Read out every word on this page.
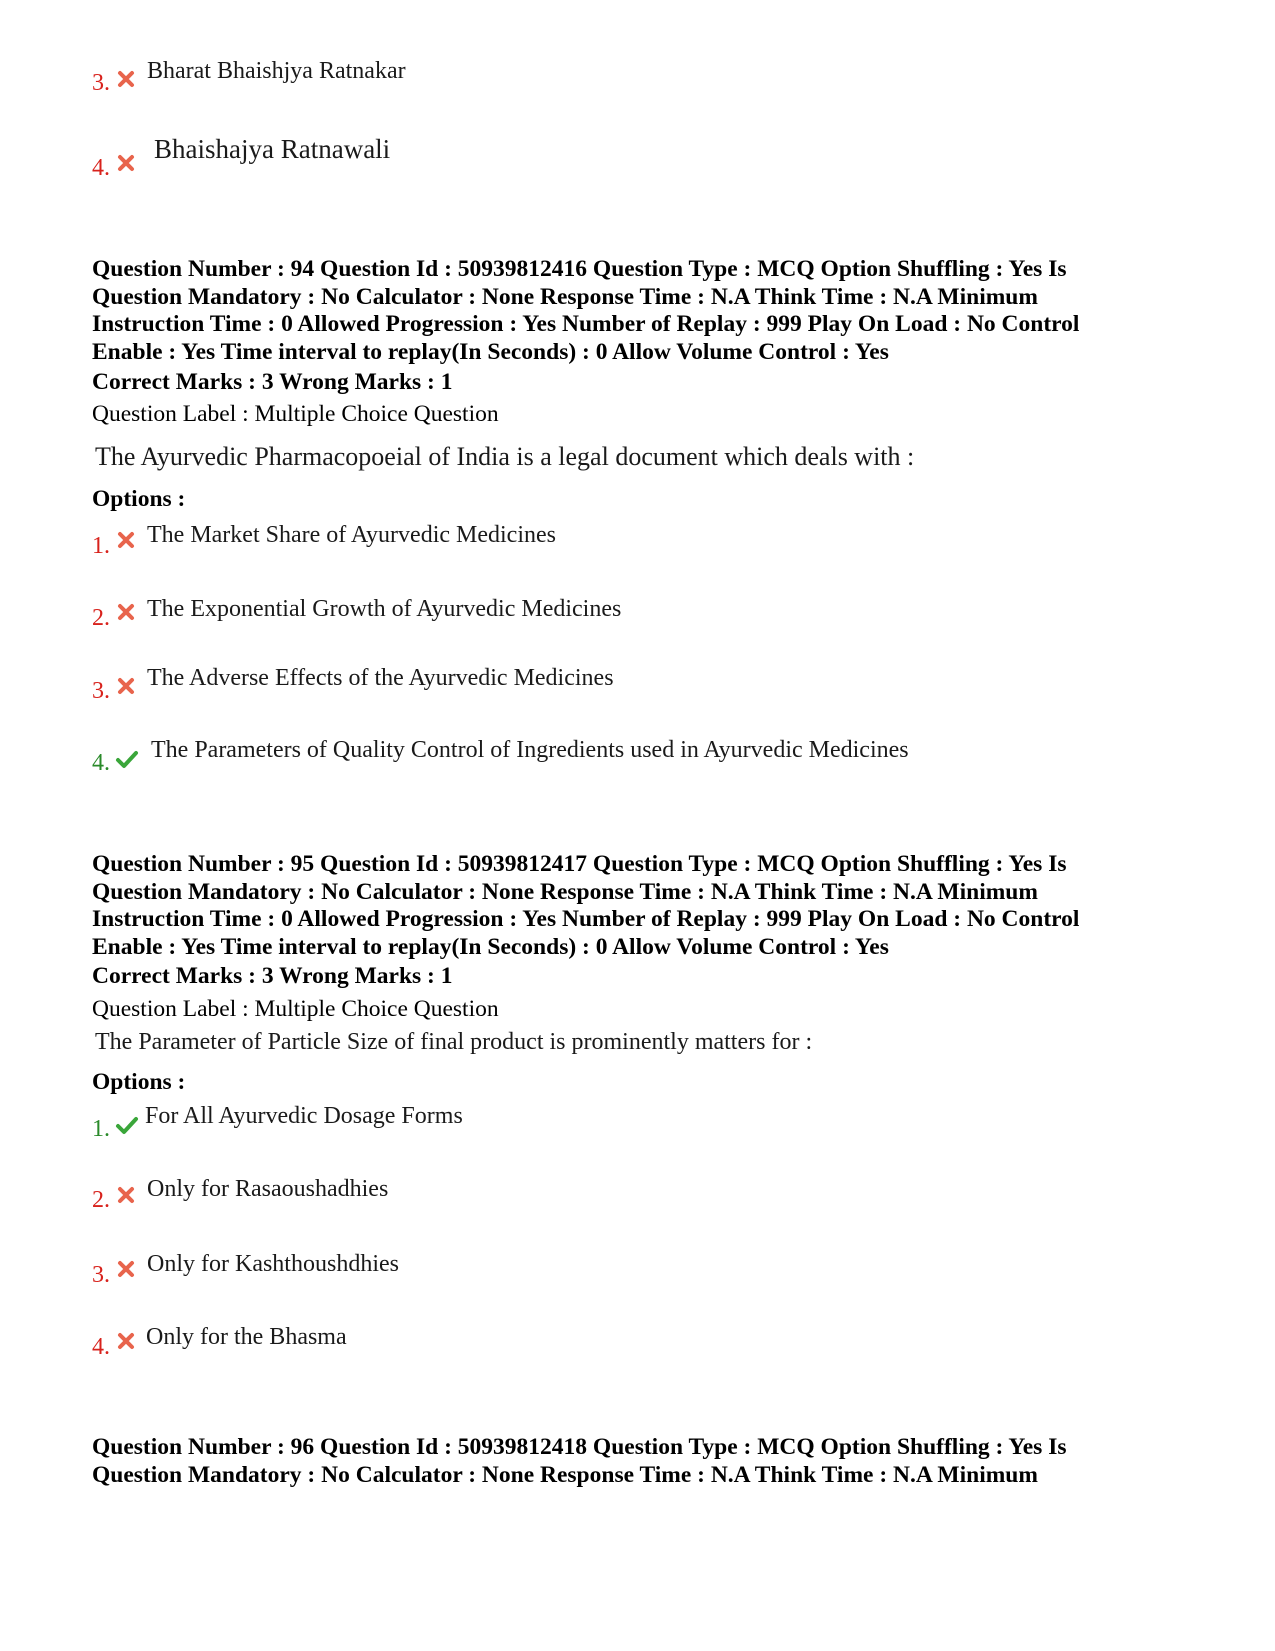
3. Bharat Bhaishjya Ratnakar
4.
Bhaishajya Ratnawali
Question Number : 94 Question Id : 50939812416 Question Type : MCQ Option Shuffling : Yes Is
Question Mandatory : No Calculator : None Response Time : N.A Think Time : N.A Minimum
Instruction Time : 0 Allowed Progression : Yes Number of Replay : 999 Play On Load : No Control
Enable : Yes Time interval to replay(In Seconds) : 0 Allow Volume Control : Yes
Correct Marks : 3 Wrong Marks : 1
Question Label : Multiple Choice Question
The Ayurvedic Pharmacopoeial of India is a legal document which deals with :
Options :
1. The Market Share of Ayurvedic Medicines
2. The Exponential Growth of Ayurvedic Medicines
3. The Adverse Effects of the Ayurvedic Medicines
4. The Parameters of Quality Control of Ingredients used in Ayurvedic Medicines
Question Number : 95 Question Id : 50939812417 Question Type : MCQ Option Shuffling : Yes Is
Question Mandatory : No Calculator : None Response Time : N.A Think Time : N.A Minimum
Instruction Time : 0 Allowed Progression : Yes Number of Replay : 999 Play On Load : No Control
Enable : Yes Time interval to replay(In Seconds) : 0 Allow Volume Control : Yes
Correct Marks : 3 Wrong Marks : 1
Question Label : Multiple Choice Question
The Parameter of Particle Size of final product is prominently matters for :
Options :
1. For All Ayurvedic Dosage Forms
2. Only for Rasaoushadhies
3. Only for Kashthoushdhies
4. Only for the Bhasma
Question Number : 96 Question Id : 50939812418 Question Type : MCQ Option Shuffling : Yes Is
Question Mandatory : No Calculator : None Response Time : N.A Think Time : N.A Minimum
